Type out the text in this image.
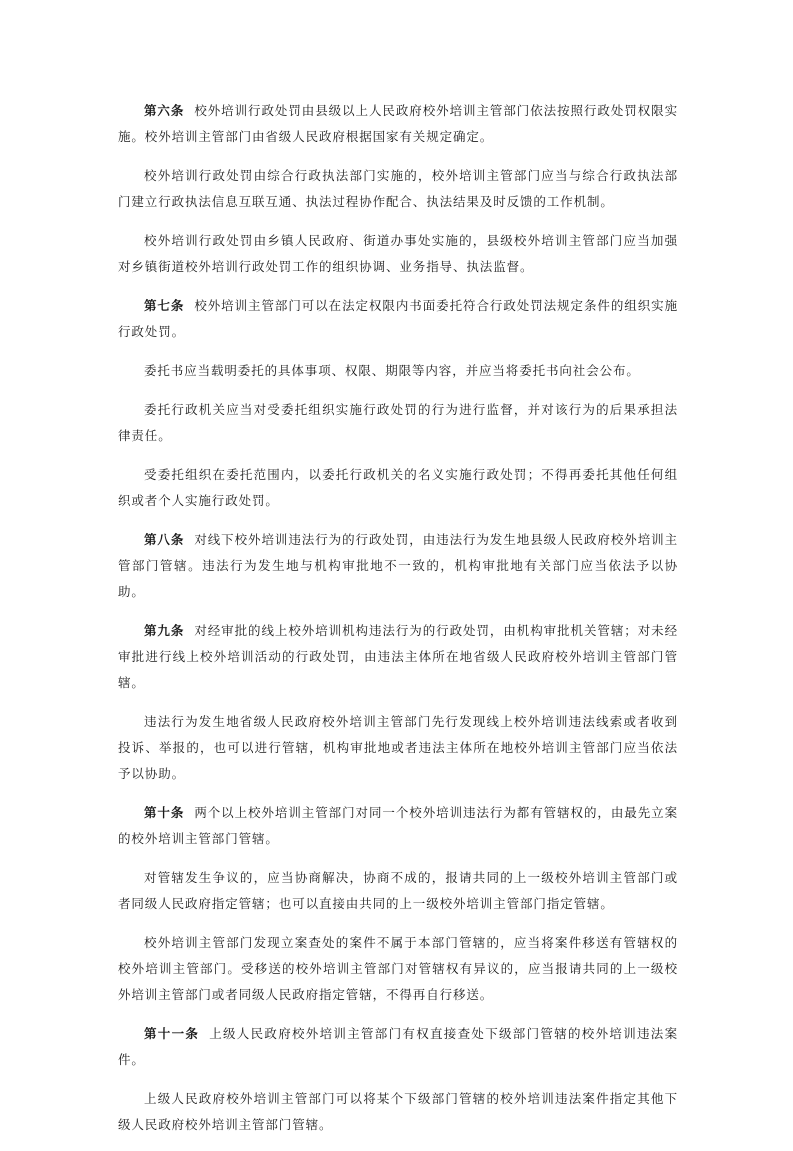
第六条 校外培训行政处罚由县级以上人民政府校外培训主管部门依法按照行政处罚权限实施。校外培训主管部门由省级人民政府根据国家有关规定确定。

校外培训行政处罚由综合行政执法部门实施的，校外培训主管部门应当与综合行政执法部门建立行政执法信息互联互通、执法过程协作配合、执法结果及时反馈的工作机制。

校外培训行政处罚由乡镇人民政府、街道办事处实施的，县级校外培训主管部门应当加强对乡镇街道校外培训行政处罚工作的组织协调、业务指导、执法监督。

第七条 校外培训主管部门可以在法定权限内书面委托符合行政处罚法规定条件的组织实施行政处罚。

委托书应当载明委托的具体事项、权限、期限等内容，并应当将委托书向社会公布。

委托行政机关应当对受委托组织实施行政处罚的行为进行监督，并对该行为的后果承担法律责任。

受委托组织在委托范围内，以委托行政机关的名义实施行政处罚；不得再委托其他任何组织或者个人实施行政处罚。

第八条 对线下校外培训违法行为的行政处罚，由违法行为发生地县级人民政府校外培训主管部门管辖。违法行为发生地与机构审批地不一致的，机构审批地有关部门应当依法予以协助。

第九条 对经审批的线上校外培训机构违法行为的行政处罚，由机构审批机关管辖；对未经审批进行线上校外培训活动的行政处罚，由违法主体所在地省级人民政府校外培训主管部门管辖。

违法行为发生地省级人民政府校外培训主管部门先行发现线上校外培训违法线索或者收到投诉、举报的，也可以进行管辖，机构审批地或者违法主体所在地校外培训主管部门应当依法予以协助。

第十条 两个以上校外培训主管部门对同一个校外培训违法行为都有管辖权的，由最先立案的校外培训主管部门管辖。

对管辖发生争议的，应当协商解决，协商不成的，报请共同的上一级校外培训主管部门或者同级人民政府指定管辖；也可以直接由共同的上一级校外培训主管部门指定管辖。

校外培训主管部门发现立案查处的案件不属于本部门管辖的，应当将案件移送有管辖权的校外培训主管部门。受移送的校外培训主管部门对管辖权有异议的，应当报请共同的上一级校外培训主管部门或者同级人民政府指定管辖，不得再自行移送。

第十一条 上级人民政府校外培训主管部门有权直接查处下级部门管辖的校外培训违法案件。

上级人民政府校外培训主管部门可以将某个下级部门管辖的校外培训违法案件指定其他下级人民政府校外培训主管部门管辖。
